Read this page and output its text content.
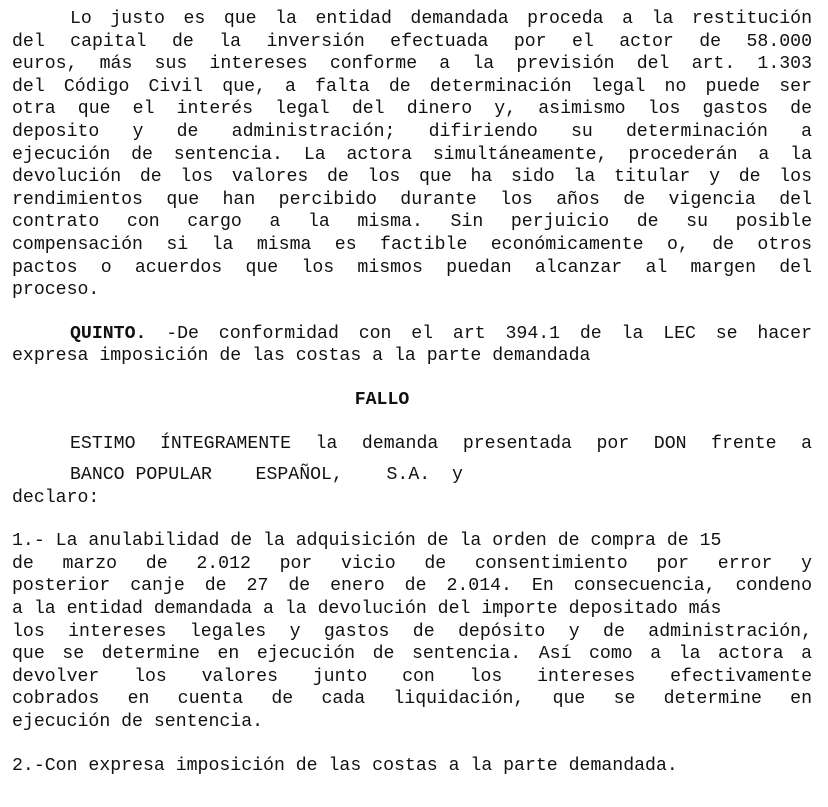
Lo justo es que la entidad demandada proceda a la restitución
del capital de la inversión efectuada por el actor de 58.000
euros, más sus intereses conforme a la previsión del art. 1.303
del Código Civil que, a falta de determinación legal no puede ser
otra que el interés legal del dinero y, asimismo los gastos de
deposito y de administración; difiriendo su determinación a
ejecución de sentencia. La actora simultáneamente, procederán a la
devolución de los valores de los que ha sido la titular y de los
rendimientos que han percibido durante los años de vigencia del
contrato con cargo a la misma. Sin perjuicio de su posible
compensación si la misma es factible económicamente o, de otros
pactos o acuerdos que los mismos puedan alcanzar al margen del
proceso.
QUINTO. -De conformidad con el art 394.1 de la LEC se hacer
expresa imposición de las costas a la parte demandada

FALLO

ESTIMO ÍNTEGRAMENTE la demanda presentada por DON frente a
BANCO POPULAR    ESPAÑOL,    S.A.  y
declaro:
1.- La anulabilidad de la adquisición de la orden de compra de 15
de marzo de 2.012 por vicio de consentimiento por error y
posterior canje de 27 de enero de 2.014. En consecuencia, condeno
a la entidad demandada a la devolución del importe depositado más
los intereses legales y gastos de depósito y de administración,
que se determine en ejecución de sentencia. Así como a la actora a
devolver los valores junto con los intereses efectivamente
cobrados en cuenta de cada liquidación, que se determine en
ejecución de sentencia.
2.-Con expresa imposición de las costas a la parte demandada.
